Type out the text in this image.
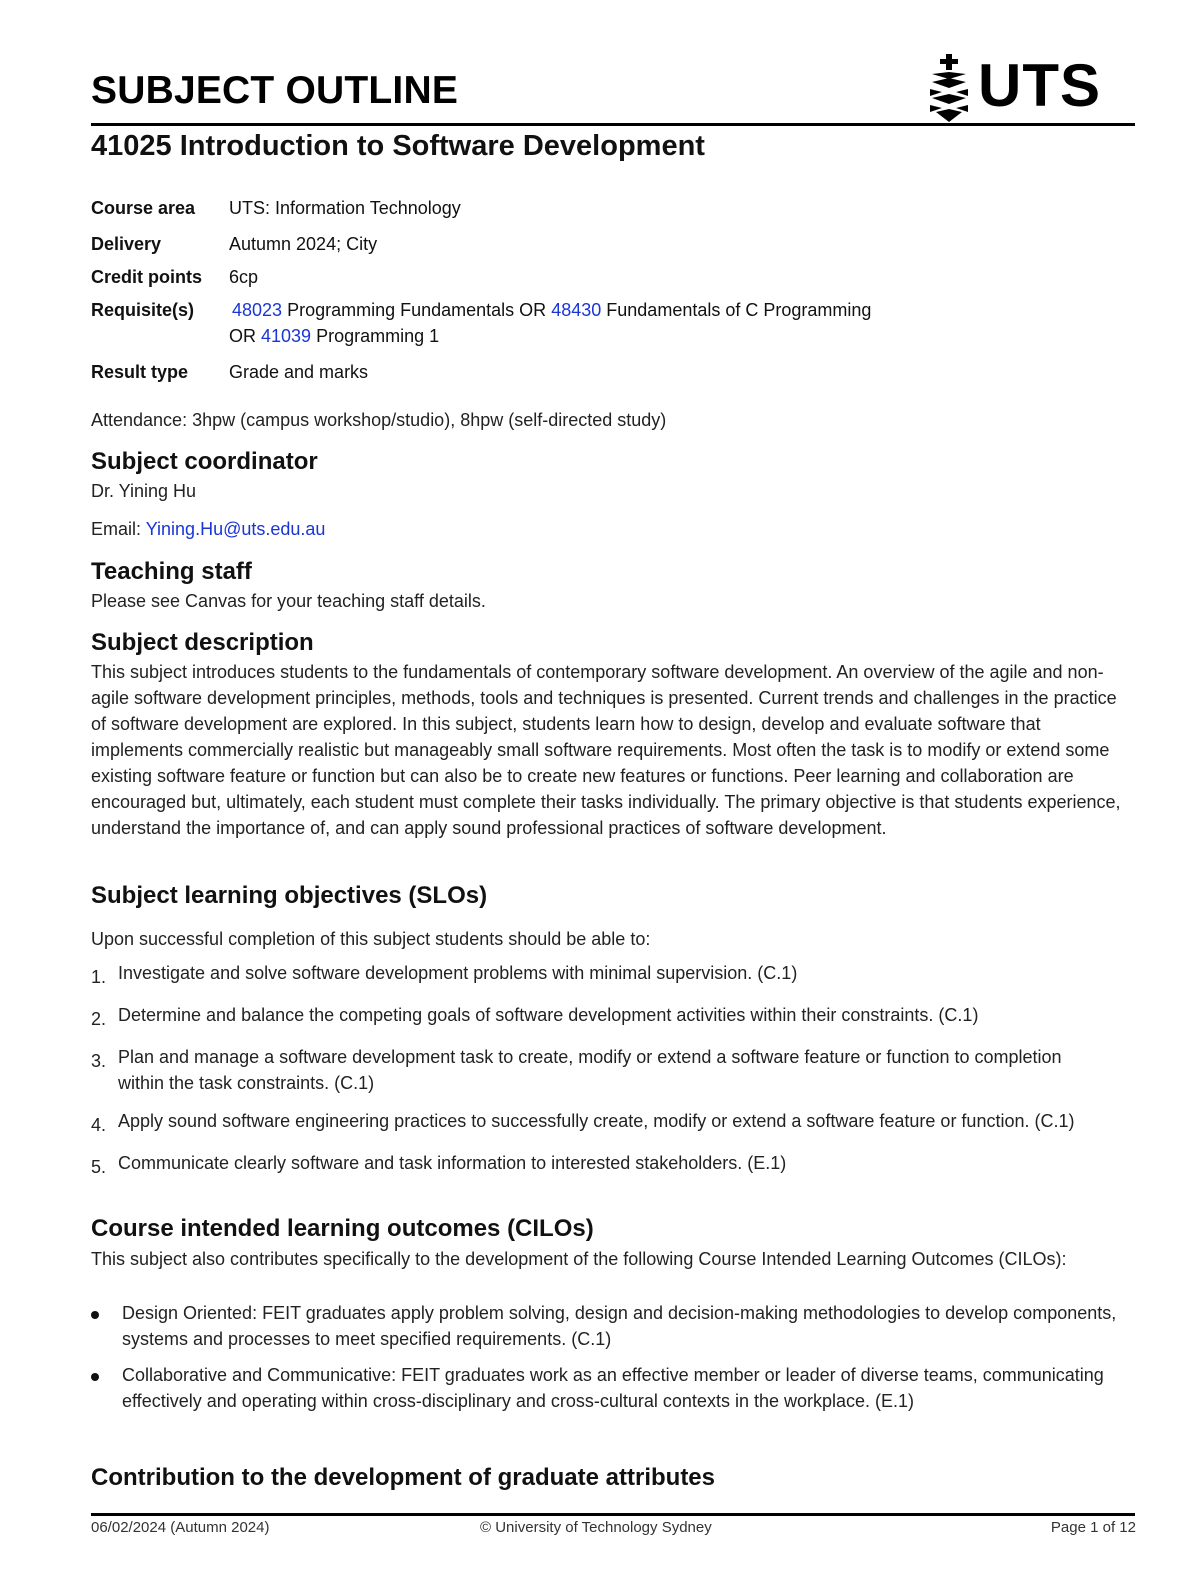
SUBJECT OUTLINE	UTS
41025 Introduction to Software Development
Course area	UTS: Information Technology
Delivery	Autumn 2024; City
Credit points	6cp
Requisite(s)	48023 Programming Fundamentals OR 48430 Fundamentals of C Programming
OR 41039 Programming 1
Result type	Grade and marks
Attendance: 3hpw (campus workshop/studio), 8hpw (self-directed study)
Subject coordinator
Dr. Yining Hu
Email: Yining.Hu@uts.edu.au
Teaching staff
Please see Canvas for your teaching staff details.
Subject description
This subject introduces students to the fundamentals of contemporary software development. An overview of the agile and non-agile software development principles, methods, tools and techniques is presented. Current trends and challenges in the practice of software development are explored. In this subject, students learn how to design, develop and evaluate software that implements commercially realistic but manageably small software requirements. Most often the task is to modify or extend some existing software feature or function but can also be to create new features or functions. Peer learning and collaboration are encouraged but, ultimately, each student must complete their tasks individually. The primary objective is that students experience, understand the importance of, and can apply sound professional practices of software development.
Subject learning objectives (SLOs)
Upon successful completion of this subject students should be able to:
1. Investigate and solve software development problems with minimal supervision. (C.1)
2. Determine and balance the competing goals of software development activities within their constraints. (C.1)
3. Plan and manage a software development task to create, modify or extend a software feature or function to completion within the task constraints. (C.1)
4. Apply sound software engineering practices to successfully create, modify or extend a software feature or function. (C.1)
5. Communicate clearly software and task information to interested stakeholders. (E.1)
Course intended learning outcomes (CILOs)
This subject also contributes specifically to the development of the following Course Intended Learning Outcomes (CILOs):
Design Oriented: FEIT graduates apply problem solving, design and decision-making methodologies to develop components, systems and processes to meet specified requirements. (C.1)
Collaborative and Communicative: FEIT graduates work as an effective member or leader of diverse teams, communicating effectively and operating within cross-disciplinary and cross-cultural contexts in the workplace. (E.1)
Contribution to the development of graduate attributes
06/02/2024 (Autumn 2024)	© University of Technology Sydney	Page 1 of 12
